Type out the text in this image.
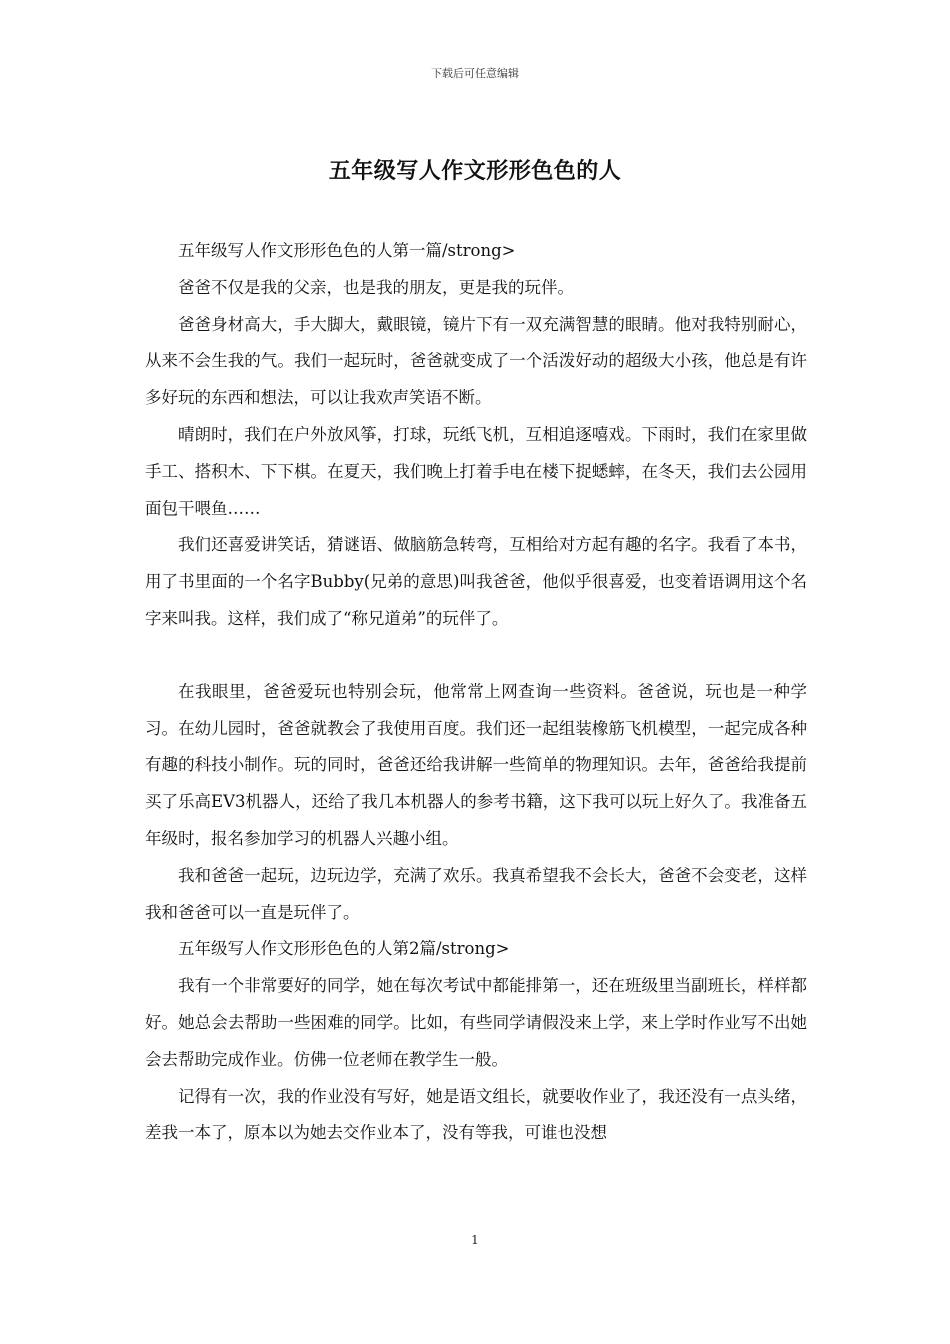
下载后可任意编辑
五年级写人作文形形色色的人

五年级写人作文形形色色的人第一篇/strong>

爸爸不仅是我的父亲，也是我的朋友，更是我的玩伴。

爸爸身材高大，手大脚大，戴眼镜，镜片下有一双充满智慧的眼睛。他对我特别耐心，从来不会生我的气。我们一起玩时，爸爸就变成了一个活泼好动的超级大小孩，他总是有许多好玩的东西和想法，可以让我欢声笑语不断。

晴朗时，我们在户外放风筝，打球，玩纸飞机，互相追逐嘻戏。下雨时，我们在家里做手工、搭积木、下下棋。在夏天，我们晚上打着手电在楼下捉蟋蟀，在冬天，我们去公园用面包干喂鱼……

我们还喜爱讲笑话，猜谜语、做脑筋急转弯，互相给对方起有趣的名字。我看了本书，用了书里面的一个名字Bubby(兄弟的意思)叫我爸爸，他似乎很喜爱，也变着语调用这个名字来叫我。这样，我们成了“称兄道弟”的玩伴了。

在我眼里，爸爸爱玩也特别会玩，他常常上网查询一些资料。爸爸说，玩也是一种学习。在幼儿园时，爸爸就教会了我使用百度。我们还一起组装橡筋飞机模型，一起完成各种有趣的科技小制作。玩的同时，爸爸还给我讲解一些简单的物理知识。去年，爸爸给我提前买了乐高EV3机器人，还给了我几本机器人的参考书籍，这下我可以玩上好久了。我准备五年级时，报名参加学习的机器人兴趣小组。

我和爸爸一起玩，边玩边学，充满了欢乐。我真希望我不会长大，爸爸不会变老，这样我和爸爸可以一直是玩伴了。

五年级写人作文形形色色的人第2篇/strong>

我有一个非常要好的同学，她在每次考试中都能排第一，还在班级里当副班长，样样都好。她总会去帮助一些困难的同学。比如，有些同学请假没来上学，来上学时作业写不出她会去帮助完成作业。仿佛一位老师在教学生一般。

记得有一次，我的作业没有写好，她是语文组长，就要收作业了，我还没有一点头绪，差我一本了，原本以为她去交作业本了，没有等我，可谁也没想

1
